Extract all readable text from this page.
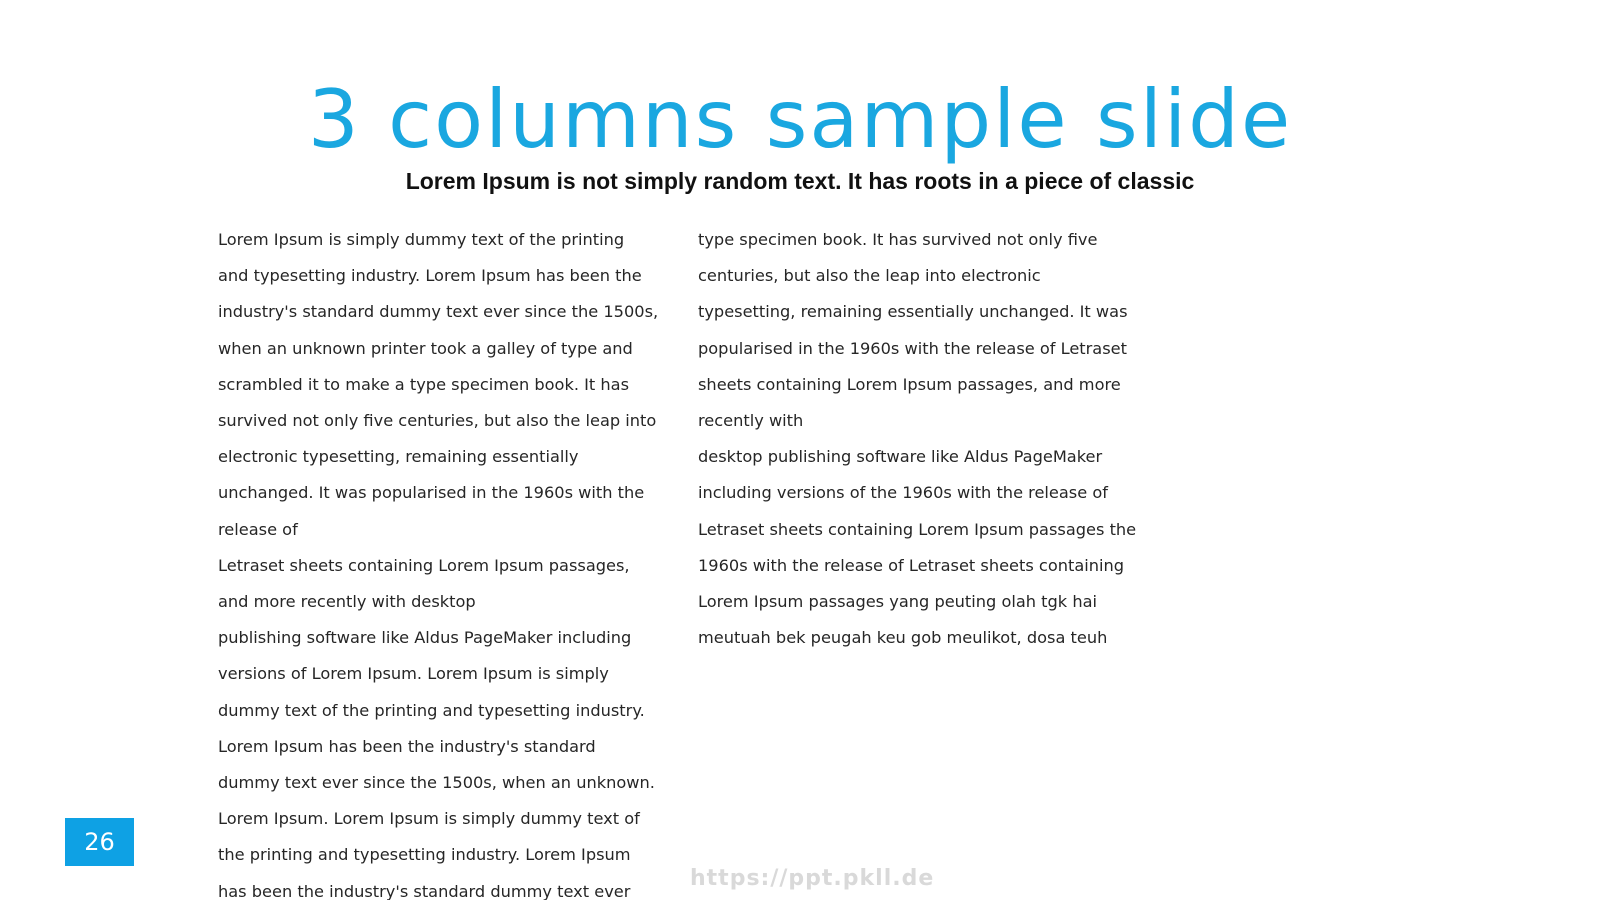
3 columns sample slide
Lorem Ipsum is not simply random text. It has roots in a piece of classic

Lorem Ipsum is simply dummy text of the printing

and typesetting industry. Lorem Ipsum has been the

industry's standard dummy text ever since the 1500s,

when an unknown printer took a galley of type and

scrambled it to make a type specimen book. It has

survived not only five centuries, but also the leap into

electronic typesetting, remaining essentially

unchanged. It was popularised in the 1960s with the

release of

Letraset sheets containing Lorem Ipsum passages,

and more recently with desktop

publishing software like Aldus PageMaker including

versions of Lorem Ipsum. Lorem Ipsum is simply

dummy text of the printing and typesetting industry.

Lorem Ipsum has been the industry's standard

dummy text ever since the 1500s, when an unknown.

Lorem Ipsum. Lorem Ipsum is simply dummy text of

the printing and typesetting industry. Lorem Ipsum

has been the industry's standard dummy text ever

type specimen book. It has survived not only five

centuries, but also the leap into electronic

typesetting, remaining essentially unchanged. It was

popularised in the 1960s with the release of Letraset

sheets containing Lorem Ipsum passages, and more

recently with

desktop publishing software like Aldus PageMaker

including versions of the 1960s with the release of

Letraset sheets containing Lorem Ipsum passages the

1960s with the release of Letraset sheets containing

Lorem Ipsum passages yang peuting olah tgk hai

meutuah bek peugah keu gob meulikot, dosa teuh

26
https://ppt.pkll.de
